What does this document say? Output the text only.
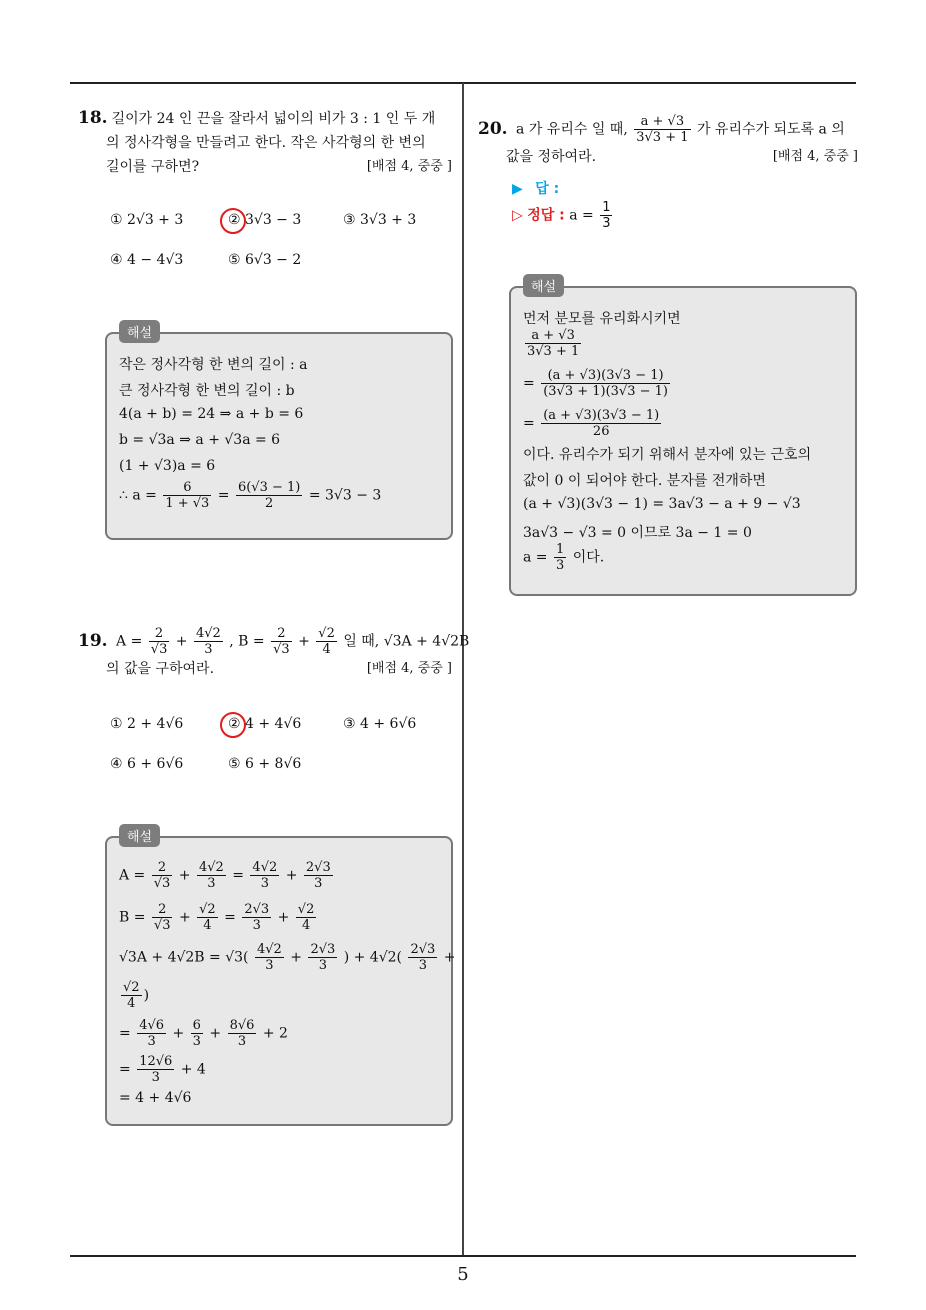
18. 길이가 24 인 끈을 잘라서 넓이의 비가 3 : 1 인 두 개
의 정사각형을 만들려고 한다. 작은 사각형의 한 변의
길이를 구하면?	[배점 4, 중중 ]
① 2√3 + 3	② 3√3 − 3	③ 3√3 + 3
④ 4 − 4√3	⑤ 6√3 − 2
해설
작은 정사각형 한 변의 길이 : a
큰 정사각형 한 변의 길이 : b
4(a + b) = 24 ⇒ a + b = 6
b = √3a ⇒ a + √3a = 6
(1 + √3)a = 6
∴ $a = \frac{6}{1 + √3} = \frac{6(√3 - 1)}{2} = 3√3 - 3$
19. $A = \frac{2}{√3} + \frac{4√2}{3}$ , $B = \frac{2}{√3} + \frac{√2}{4}$ 일 때, √3A + 4√2B
의 값을 구하여라.	[배점 4, 중중 ]
① 2 + 4√6	② 4 + 4√6	③ 4 + 6√6
④ 6 + 6√6	⑤ 6 + 8√6
해설
$A = \frac{2}{√3} + \frac{4√2}{3} = \frac{4√2}{3} + \frac{2√3}{3}$
$B = \frac{2}{√3} + \frac{√2}{4} = \frac{2√3}{3} + \frac{√2}{4}$
$√3A + 4√2B = √3( \frac{4√2}{3} + \frac{2√3}{3}$ ) + $4√2( \frac{2√3}{3}$ +
$\frac{√2}{4}$ )
= $\frac{4√6}{3} + \frac{6}{3} + \frac{8√6}{3} + 2$
= $\frac{12√6}{3} + 4$
= 4 + 4√6
20. a 가 유리수 일 때, $\frac{a + √3}{3√3 + 1}$ 가 유리수가 되도록 a 의
값을 정하여라.	[배점 4, 중중 ]
▶ 답 :
▷ 정답 : $a = \frac{1}{3}$
해설
먼저 분모를 유리화시키면
$\frac{a + √3}{3√3 + 1}$
= $\frac{(a + √3)(3√3 - 1)}{(3√3 + 1)(3√3 - 1)}$
= $\frac{(a + √3)(3√3 - 1)}{26}$
이다. 유리수가 되기 위해서 분자에 있는 근호의
값이 0 이 되어야 한다. 분자를 전개하면
(a + √3)(3√3 − 1) = 3a√3 − a + 9 − √3
3a√3 − √3 = 0 이므로 3a − 1 = 0
$a = \frac{1}{3}$ 이다.
5
